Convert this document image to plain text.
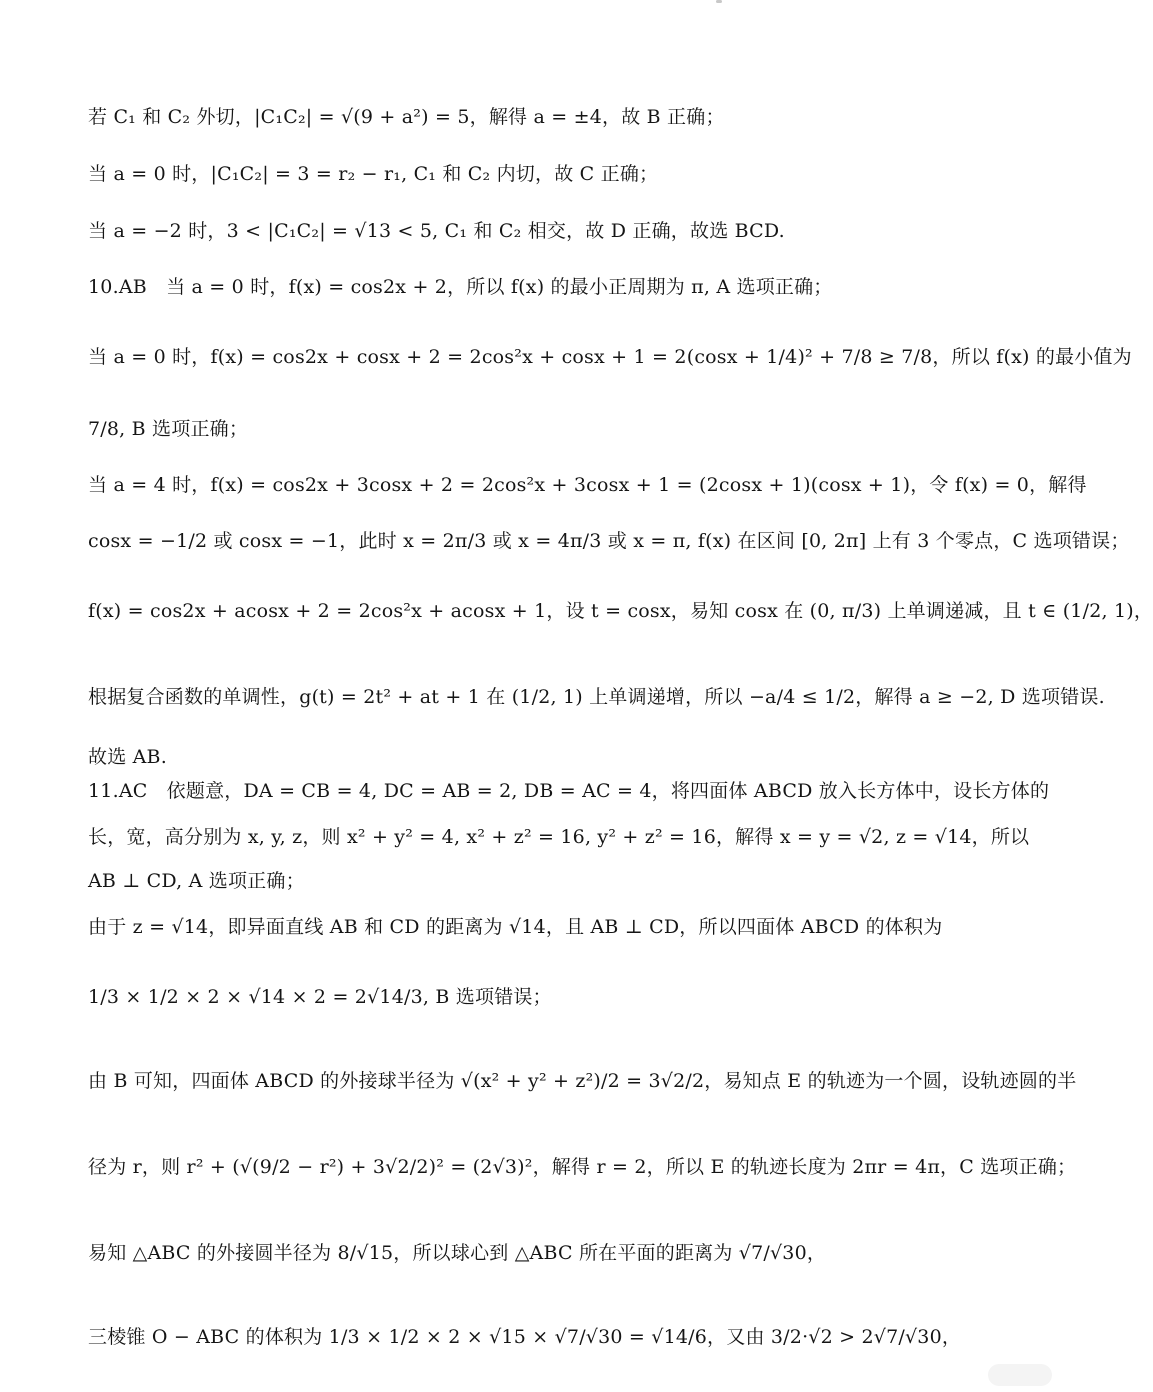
若 C₁ 和 C₂ 外切，|C₁C₂| = √(9 + a²) = 5，解得 a = ±4，故 B 正确；
当 a = 0 时，|C₁C₂| = 3 = r₂ − r₁, C₁ 和 C₂ 内切，故 C 正确；
当 a = −2 时，3 < |C₁C₂| = √13 < 5, C₁ 和 C₂ 相交，故 D 正确，故选 BCD.
10.AB　当 a = 0 时，f(x) = cos2x + 2，所以 f(x) 的最小正周期为 π, A 选项正确；
当 a = 0 时，f(x) = cos2x + cosx + 2 = 2cos²x + cosx + 1 = 2(cosx + 1/4)² + 7/8 ≥ 7/8，所以 f(x) 的最小值为
7/8, B 选项正确；
当 a = 4 时，f(x) = cos2x + 3cosx + 2 = 2cos²x + 3cosx + 1 = (2cosx + 1)(cosx + 1)，令 f(x) = 0，解得
cosx = −1/2 或 cosx = −1，此时 x = 2π/3 或 x = 4π/3 或 x = π, f(x) 在区间 [0, 2π] 上有 3 个零点，C 选项错误；
f(x) = cos2x + acosx + 2 = 2cos²x + acosx + 1，设 t = cosx，易知 cosx 在 (0, π/3) 上单调递减，且 t ∈ (1/2, 1)，
根据复合函数的单调性，g(t) = 2t² + at + 1 在 (1/2, 1) 上单调递增，所以 −a/4 ≤ 1/2，解得 a ≥ −2, D 选项错误.
故选 AB.
11.AC　依题意，DA = CB = 4, DC = AB = 2, DB = AC = 4，将四面体 ABCD 放入长方体中，设长方体的
长，宽，高分别为 x, y, z，则 x² + y² = 4, x² + z² = 16, y² + z² = 16，解得 x = y = √2, z = √14，所以
AB ⊥ CD, A 选项正确；
由于 z = √14，即异面直线 AB 和 CD 的距离为 √14，且 AB ⊥ CD，所以四面体 ABCD 的体积为
1/3 × 1/2 × 2 × √14 × 2 = 2√14/3, B 选项错误；
由 B 可知，四面体 ABCD 的外接球半径为 √(x² + y² + z²)/2 = 3√2/2，易知点 E 的轨迹为一个圆，设轨迹圆的半
径为 r，则 r² + (√(9/2 − r²) + 3√2/2)² = (2√3)²，解得 r = 2，所以 E 的轨迹长度为 2πr = 4π，C 选项正确；
易知 △ABC 的外接圆半径为 8/√15，所以球心到 △ABC 所在平面的距离为 √7/√30，
三棱锥 O − ABC 的体积为 1/3 × 1/2 × 2 × √15 × √7/√30 = √14/6，又由 3/2·√2 > 2√7/√30，
